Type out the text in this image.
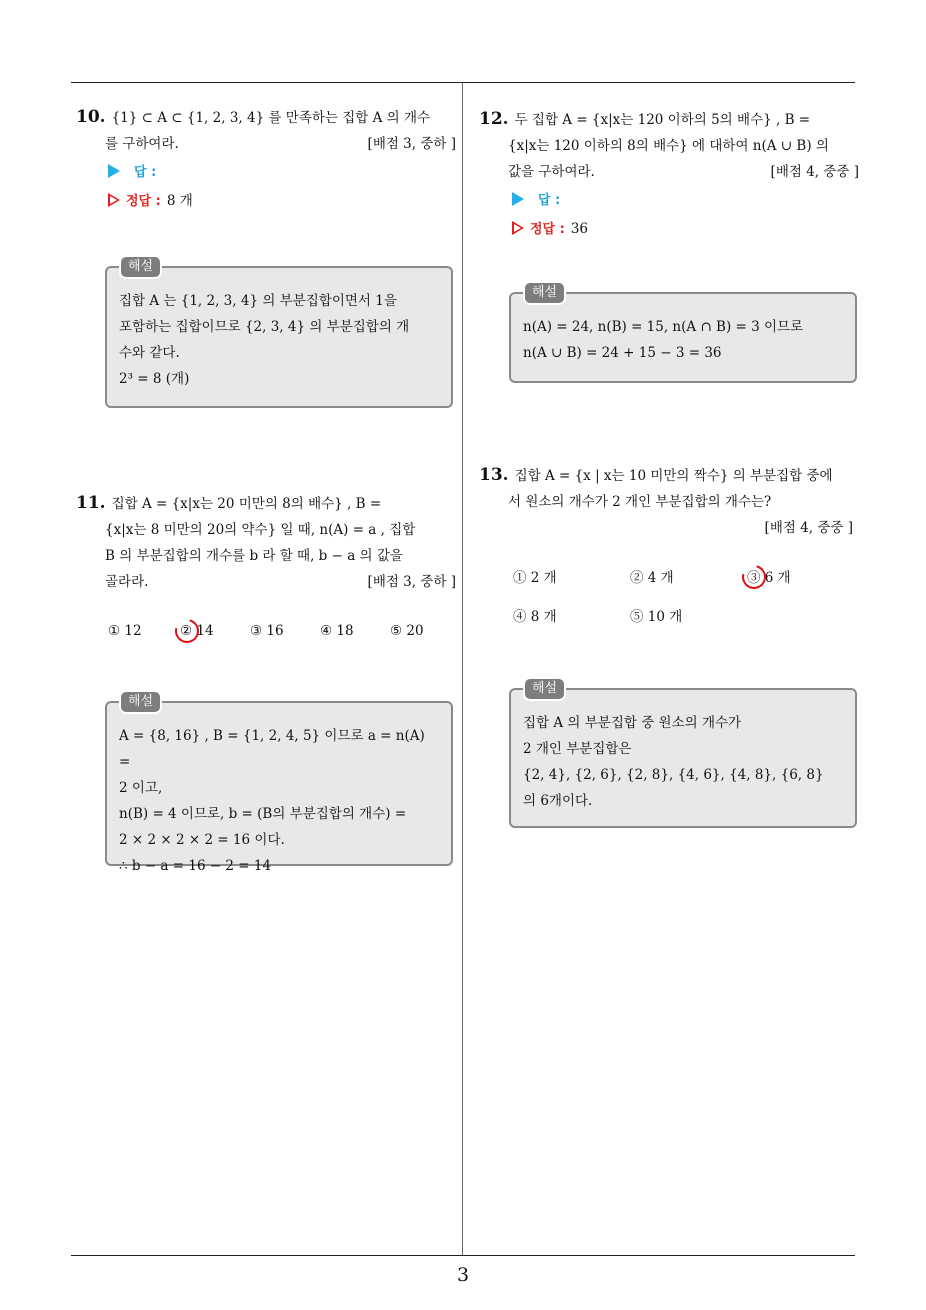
10. {1} ⊂ A ⊂ {1, 2, 3, 4} 를 만족하는 집합 A 의 개수
를 구하여라.	[배점 3, 중하 ]
답 :
정답 : 8 개
해설
집합 A 는 {1, 2, 3, 4} 의 부분집합이면서 1을
포함하는 집합이므로 {2, 3, 4} 의 부분집합의 개
수와 같다.
2³ = 8 (개)
11. 집합 A = {x|x는 20 미만의 8의 배수} , B =
{x|x는 8 미만의 20의 약수} 일 때, n(A) = a , 집합
B 의 부분집합의 개수를 b 라 할 때, b − a 의 값을
골라라.	[배점 3, 중하 ]
① 12	② 14	③ 16	④ 18	⑤ 20
해설
A = {8, 16} , B = {1, 2, 4, 5} 이므로 a = n(A) =
2 이고,
n(B) = 4 이므로, b = (B의 부분집합의 개수) =
2 × 2 × 2 × 2 = 16 이다.
∴ b − a = 16 − 2 = 14
12. 두 집합 A = {x|x는 120 이하의 5의 배수} , B =
{x|x는 120 이하의 8의 배수} 에 대하여 n(A ∪ B) 의
값을 구하여라.	[배점 4, 중중 ]
답 :
정답 : 36
해설
n(A) = 24, n(B) = 15, n(A ∩ B) = 3 이므로
n(A ∪ B) = 24 + 15 − 3 = 36
13. 집합 A = {x | x는 10 미만의 짝수} 의 부분집합 중에
서 원소의 개수가 2 개인 부분집합의 개수는?
[배점 4, 중중 ]
① 2 개	② 4 개	③ 6 개
④ 8 개	⑤ 10 개
해설
집합 A 의 부분집합 중 원소의 개수가
2 개인 부분집합은
{2, 4}, {2, 6}, {2, 8}, {4, 6}, {4, 8}, {6, 8}
의 6개이다.
3
